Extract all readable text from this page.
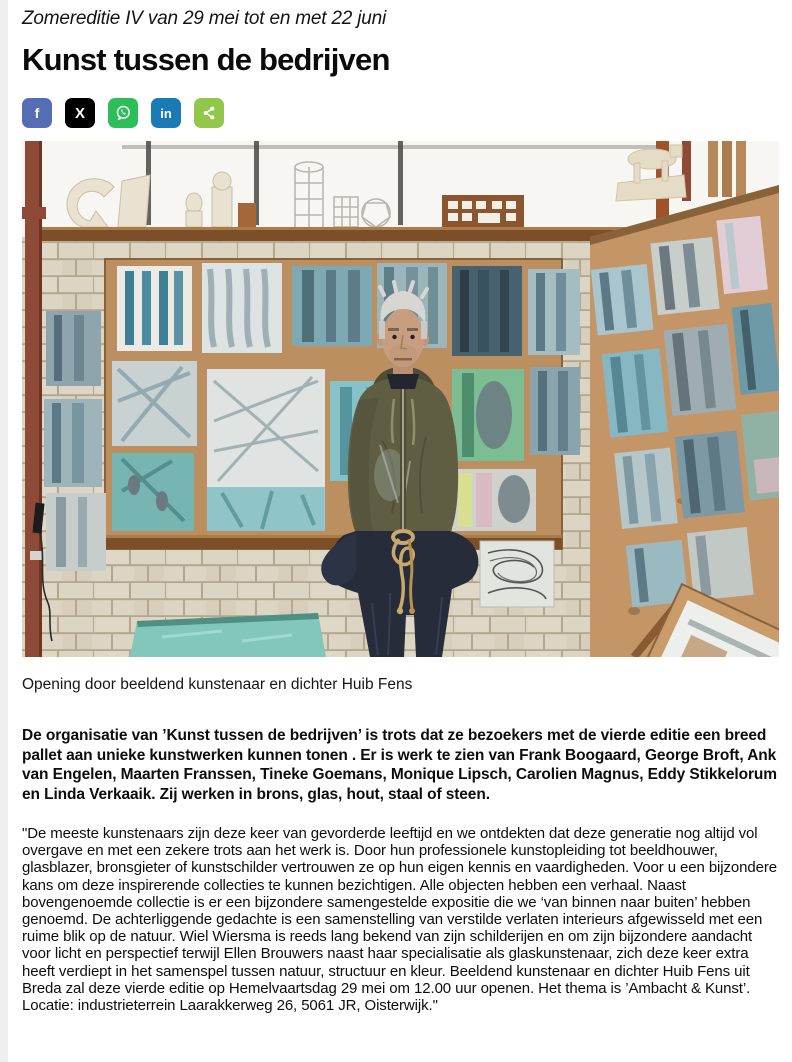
Zomereditie IV van 29 mei tot en met 22 juni
Kunst tussen de bedrijven
f X	in
Opening door beeldend kunstenaar en dichter Huib Fens

De organisatie van ’Kunst tussen de bedrijven’ is trots dat ze bezoekers met de vierde editie een breed pallet aan unieke kunstwerken kunnen tonen . Er is werk te zien van Frank Boogaard, George Broft, Ank van Engelen, Maarten Franssen, Tineke Goemans, Monique Lipsch, Carolien Magnus, Eddy Stikkelorum en Linda Verkaaik. Zij werken in brons, glas, hout, staal of steen.

"De meeste kunstenaars zijn deze keer van gevorderde leeftijd en we ontdekten dat deze generatie nog altijd vol overgave en met een zekere trots aan het werk is. Door hun professionele kunstopleiding tot beeldhouwer, glasblazer, bronsgieter of kunstschilder vertrouwen ze op hun eigen kennis en vaardigheden. Voor u een bijzondere kans om deze inspirerende collecties te kunnen bezichtigen. Alle objecten hebben een verhaal. Naast bovengenoemde collectie is er een bijzondere samengestelde expositie die we ‘van binnen naar buiten’ hebben genoemd. De achterliggende gedachte is een samenstelling van verstilde verlaten interieurs afgewisseld met een ruime blik op de natuur. Wiel Wiersma is reeds lang bekend van zijn schilderijen en om zijn bijzondere aandacht voor licht en perspectief terwijl Ellen Brouwers naast haar specialisatie als glaskunstenaar, zich deze keer extra heeft verdiept in het samenspel tussen natuur, structuur en kleur. Beeldend kunstenaar en dichter Huib Fens uit Breda zal deze vierde editie op Hemelvaartsdag 29 mei om 12.00 uur openen. Het thema is ’Ambacht & Kunst’. Locatie: industrieterrein Laarakkerweg 26, 5061 JR, Oisterwijk."
